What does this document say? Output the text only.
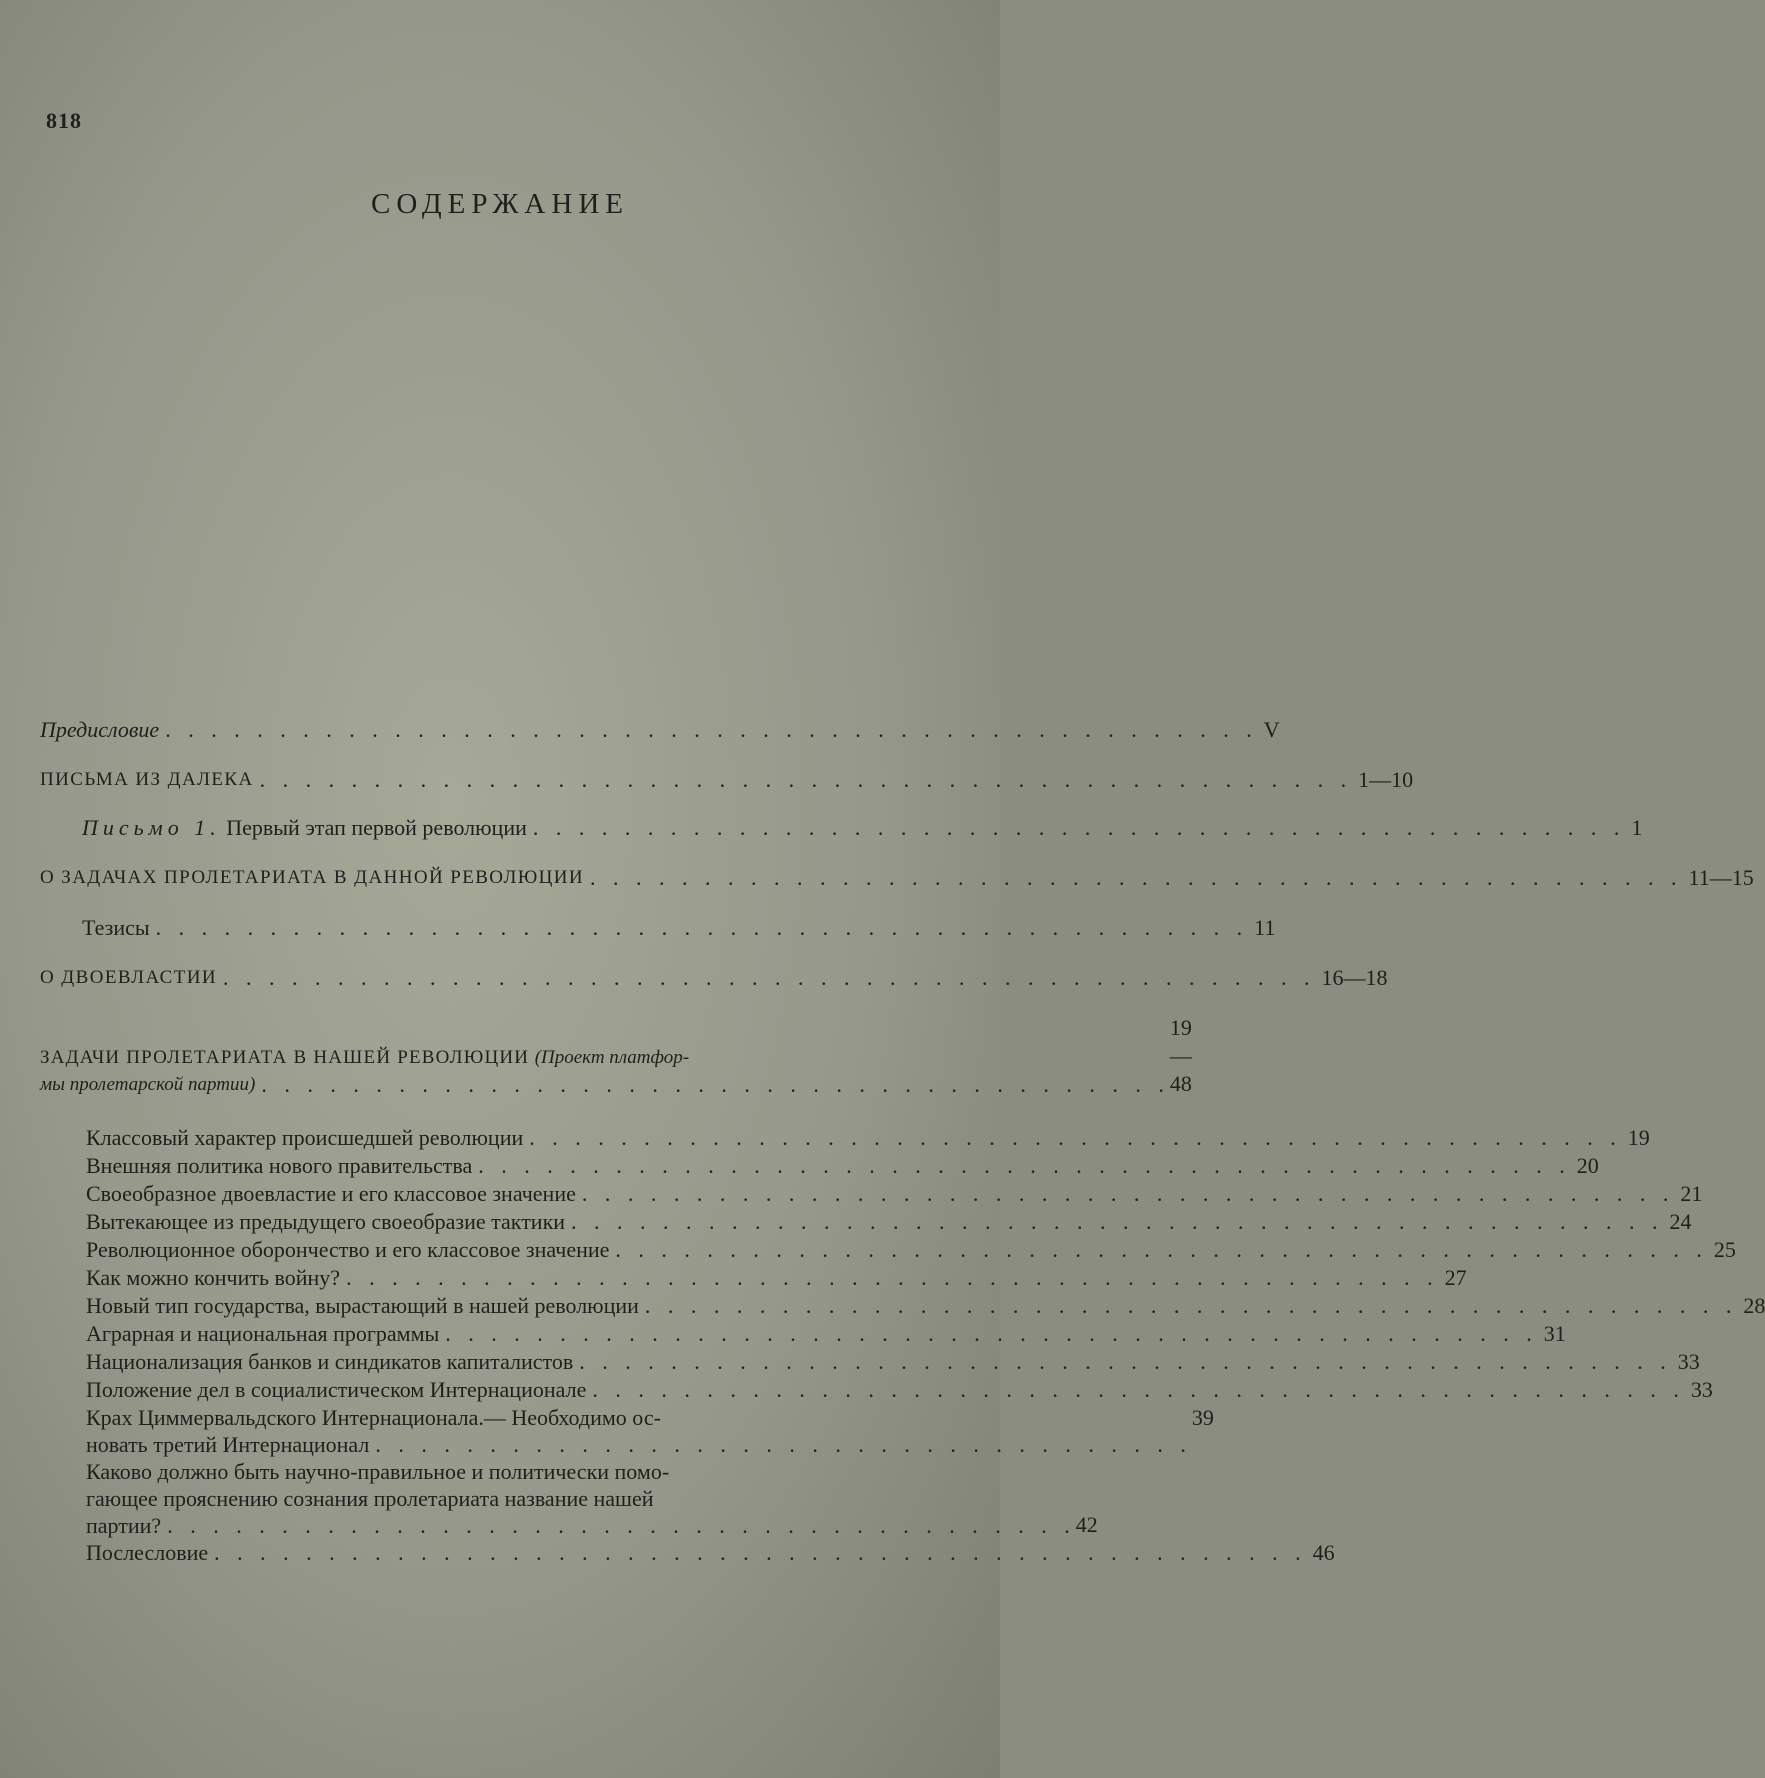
818
СОДЕРЖАНИЕ
Предисловие . . . . . . . . . . . . . . . . . . . . . . . . . . . . . . . . . . . . . . . . . . . . . . . . V
ПИСЬМА ИЗ ДАЛЕКА . . . . . . . . . . . . . . . . . . . . . . . . . . . . . . . . . . . . . . . . . . . . . . . . 1—10
Письмо 1. Первый этап первой революции . . . . . . . . . . . . . . . . . . . . . . . . . . . . . . . . . . . . . . . . . . . . . . . . 1
О ЗАДАЧАХ ПРОЛЕТАРИАТА В ДАННОЙ РЕВОЛЮЦИИ . . . . . . . . . . . . . . . . . . . . . . . . . . . . . . . . . . . . . . . . . . . . . . . . 11—15
Тезисы . . . . . . . . . . . . . . . . . . . . . . . . . . . . . . . . . . . . . . . . . . . . . . . . 11
О ДВОЕВЛАСТИИ . . . . . . . . . . . . . . . . . . . . . . . . . . . . . . . . . . . . . . . . . . . . . . . . 16—18
ЗАДАЧИ ПРОЛЕТАРИАТА В НАШЕЙ РЕВОЛЮЦИИ (Проект платфор-
мы пролетарской партии) . . . . . . . . . . . . . . . . . . . . . . . . . . . . . . . . . . . . . . . .
19—48
Классовый характер происшедшей революции . . . . . . . . . . . . . . . . . . . . . . . . . . . . . . . . . . . . . . . . . . . . . . . . 19
Внешняя политика нового правительства . . . . . . . . . . . . . . . . . . . . . . . . . . . . . . . . . . . . . . . . . . . . . . . . 20
Своеобразное двоевластие и его классовое значение . . . . . . . . . . . . . . . . . . . . . . . . . . . . . . . . . . . . . . . . . . . . . . . . 21
Вытекающее из предыдущего своеобразие тактики . . . . . . . . . . . . . . . . . . . . . . . . . . . . . . . . . . . . . . . . . . . . . . . . 24
Революционное оборончество и его классовое значение . . . . . . . . . . . . . . . . . . . . . . . . . . . . . . . . . . . . . . . . . . . . . . . . 25
Как можно кончить войну? . . . . . . . . . . . . . . . . . . . . . . . . . . . . . . . . . . . . . . . . . . . . . . . . 27
Новый тип государства, вырастающий в нашей революции . . . . . . . . . . . . . . . . . . . . . . . . . . . . . . . . . . . . . . . . . . . . . . . . 28
Аграрная и национальная программы . . . . . . . . . . . . . . . . . . . . . . . . . . . . . . . . . . . . . . . . . . . . . . . . 31
Национализация банков и синдикатов капиталистов . . . . . . . . . . . . . . . . . . . . . . . . . . . . . . . . . . . . . . . . . . . . . . . . 33
Положение дел в социалистическом Интернационале . . . . . . . . . . . . . . . . . . . . . . . . . . . . . . . . . . . . . . . . . . . . . . . . 33
Крах Циммервальдского Интернационала.— Необходимо ос-
новать третий Интернационал . . . . . . . . . . . . . . . . . . . . . . . . . . . . . . . . . . . .
39
Каково должно быть научно-правильное и политически помо-
гающее прояснению сознания пролетариата название нашей
партии? . . . . . . . . . . . . . . . . . . . . . . . . . . . . . . . . . . . . . . . . 42
Послесловие . . . . . . . . . . . . . . . . . . . . . . . . . . . . . . . . . . . . . . . . . . . . . . . . 46
